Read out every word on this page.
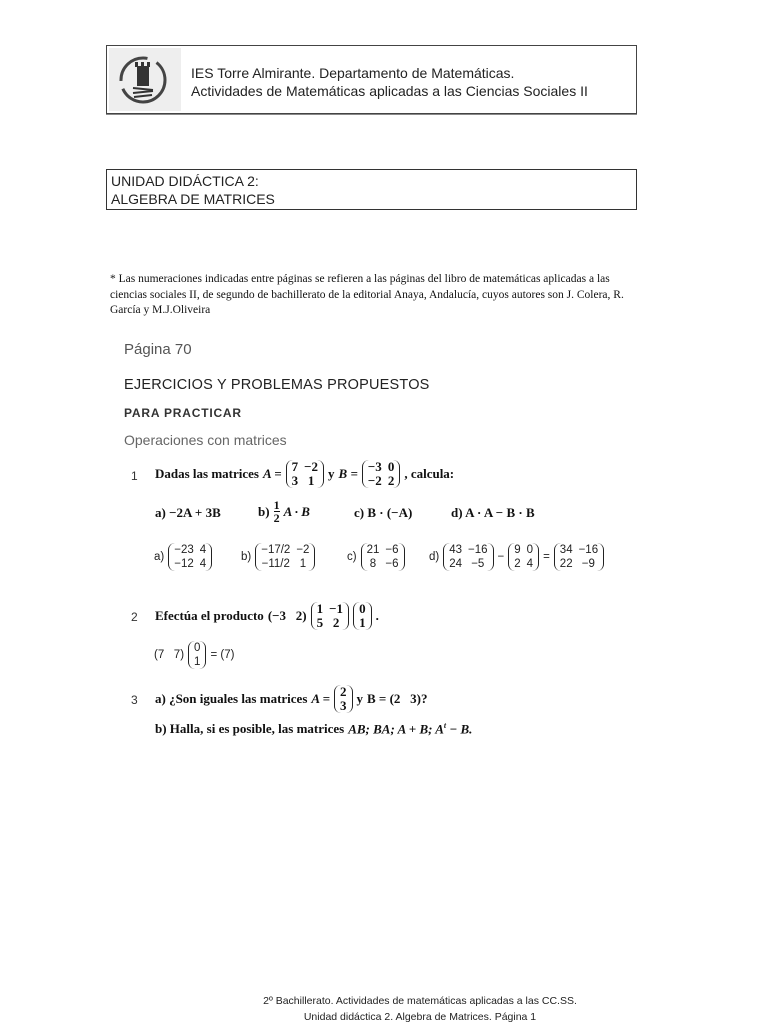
IES Torre Almirante. Departamento de Matemáticas.
Actividades de Matemáticas aplicadas a las Ciencias Sociales II
UNIDAD DIDÁCTICA 2:
ALGEBRA DE MATRICES
* Las numeraciones indicadas entre páginas se refieren a las páginas del libro de matemáticas aplicadas a las ciencias sociales II, de segundo de bachillerato de la editorial Anaya, Andalucía, cuyos autores son J. Colera, R. García y M.J.Oliveira
Página 70
EJERCICIOS Y PROBLEMAS PROPUESTOS
PARA PRACTICAR
Operaciones con matrices
1 Dadas las matrices A = 7 −2
3 1 y B = −3 0
−2 2 , calcula:
a) −2A + 3B	$b) \frac{1}{2}$ A · B	c) B · (−A)	d) A · A − B · B
a)
−23 4
−12 4
b)
−17/2 −2
−11/2 1
c)
21 −6
8 −6
d)
43 −16
24 −5
−
9 0
2 4
=
34 −16
22 −9
2 Efectúa el producto (−3   2) 1 −1
5 2
0
1 .
(7   7)
0
1
= (7)
3 a) ¿Son iguales las matrices A = 2
3 y B = (2   3)?
b) Halla, si es posible, las matrices AB; BA; A + B; $A^t - B$.
2º Bachillerato. Actividades de matemáticas aplicadas a las CC.SS.
Unidad didáctica 2. Algebra de Matrices. Página 1
